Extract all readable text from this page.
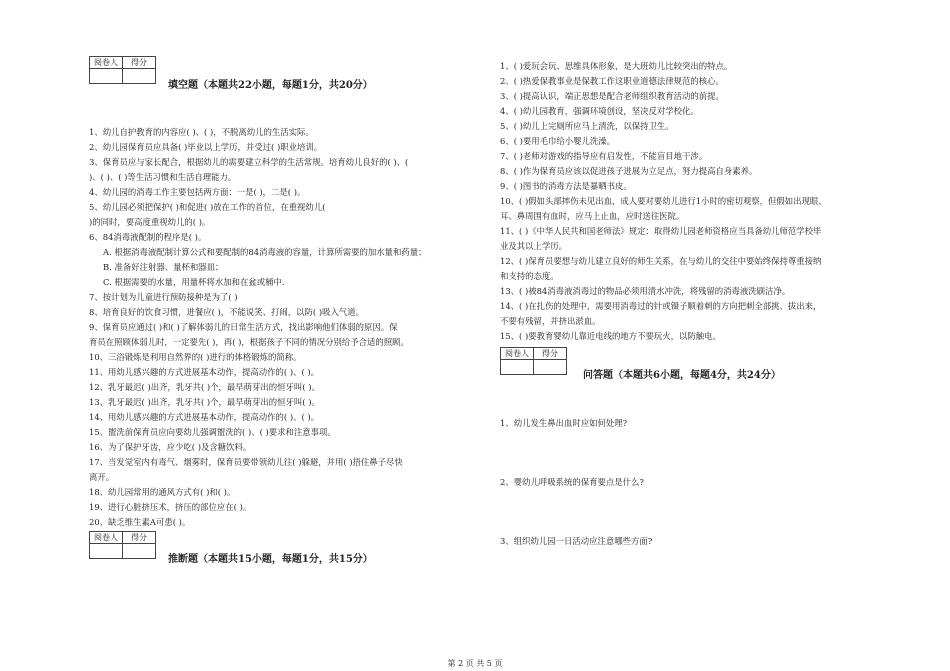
阅卷人	得分

填空题（本题共22小题，每题1分，共20分）
阅卷人	得分

推断题（本题共15小题，每题1分，共15分）
阅卷人	得分

问答题（本题共6小题，每题4分，共24分）
1、幼儿自护教育的内容应( )、( )，不脱离幼儿的生活实际。
2、幼儿园保育员应具备( )毕业以上学历，并受过( )职业培训。
3、保育员应与家长配合，根据幼儿的需要建立科学的生活常规。培育幼儿良好的( )、(
)、( )、( )等生活习惯和生活自理能力。
4、幼儿园的消毒工作主要包括两方面：一是( )，二是( )。
5、幼儿园必须把保护( )和促进( )放在工作的首位，在重视幼儿(
)的同时，要高度重视幼儿的( )。
6、84消毒液配制的程序是( )。
A. 根据消毒液配制计算公式和要配制的84消毒液的容量，计算所需要的加水量和药量；
B. 准备好注射器、量杯和器皿；
C. 根据需要的水量，用量杯将水加和在盆或桶中.
7、按计划为儿童进行预防接种是为了( )
8、培育良好的饮食习惯，进餐应( )，不能说笑、打闹，以防( )吸入气道。
9、保育员应通过( )和( )了解体弱儿的日常生活方式，找出影响他们体弱的原因。保
育员在照顾体弱儿时，一定要先( )，再( )，根据孩子不同的情况分别给予合适的照顾。
10、三浴锻炼是利用自然界的( )进行的体格锻炼的简称。
11、用幼儿感兴趣的方式进展基本动作，提高动作的( )、( )。
12、乳牙最迟( )出齐，乳牙共( )个，最早萌芽出的恒牙叫( )。
13、乳牙最迟( )出齐，乳牙共( )个，最早萌芽出的恒牙叫( )。
14、用幼儿感兴趣的方式进展基本动作，提高动作的( )、( )。
15、盥洗前保育员应向要幼儿强调盥洗的( )、( )要求和注意事项。
16、为了保护牙齿，应少吃( )及含糖饮料。
17、当发觉室内有毒气、烟雾时，保育员要带领幼儿往( )躲避，并用( )捂住鼻子尽快
离开。
18、幼儿园常用的通风方式有( )和( )。
19、进行心脏挤压术，挤压的部位应在( )。
20、缺乏维生素A可患( )。
1、( )爱玩会玩、思维具体形象，是大班幼儿比较突出的特点。
2、( )热爱保教事业是保教工作这职业道德法律规范的核心。
3、( )提高认识，端正思想是配合老师组织教育活动的前提。
4、( )幼儿园教育，强调环境创设，坚决反对学校化。
5、( )幼儿上完厕所应马上清洗，以保持卫生。
6、( )要用毛巾给小婴儿洗澡。
7、( )老师对游戏的指导应有启发性，不能盲目地干涉。
8、( )作为保育员应该以促进孩子进展为立足点，努力提高自身素养。
9、( )图书的消毒方法是暴晒书皮。
10、( )假如头部摔伤未见出血，成人要对要幼儿进行1小时的密切观察，但假如出现眼、
耳、鼻周围有血时，应马上止血，应时送往医院。
11、( )《中华人民共和国老师法》规定：取得幼儿园老师资格应当具备幼儿师范学校毕
业及其以上学历。
12、( )保育员要想与幼儿建立良好的师生关系，在与幼儿的交往中要始终保持尊重接纳
和支持的态度。
13、( )被84消毒液消毒过的物品必须用清水冲洗，将残留的消毒液洗刷洁净。
14、( )在扎伤的处理中，需要用消毒过的针或镊子顺着刺的方向把刺全部挑、拔出来，
不要有残留，并挤出淤血。
15、( )要教育婴幼儿靠近电线的地方不要玩火，以防触电。
1、幼儿发生鼻出血时应如何处理?
2、婴幼儿呼吸系统的保育要点是什么?
3、组织幼儿园一日活动应注意哪些方面?
第 2 页 共 5 页
